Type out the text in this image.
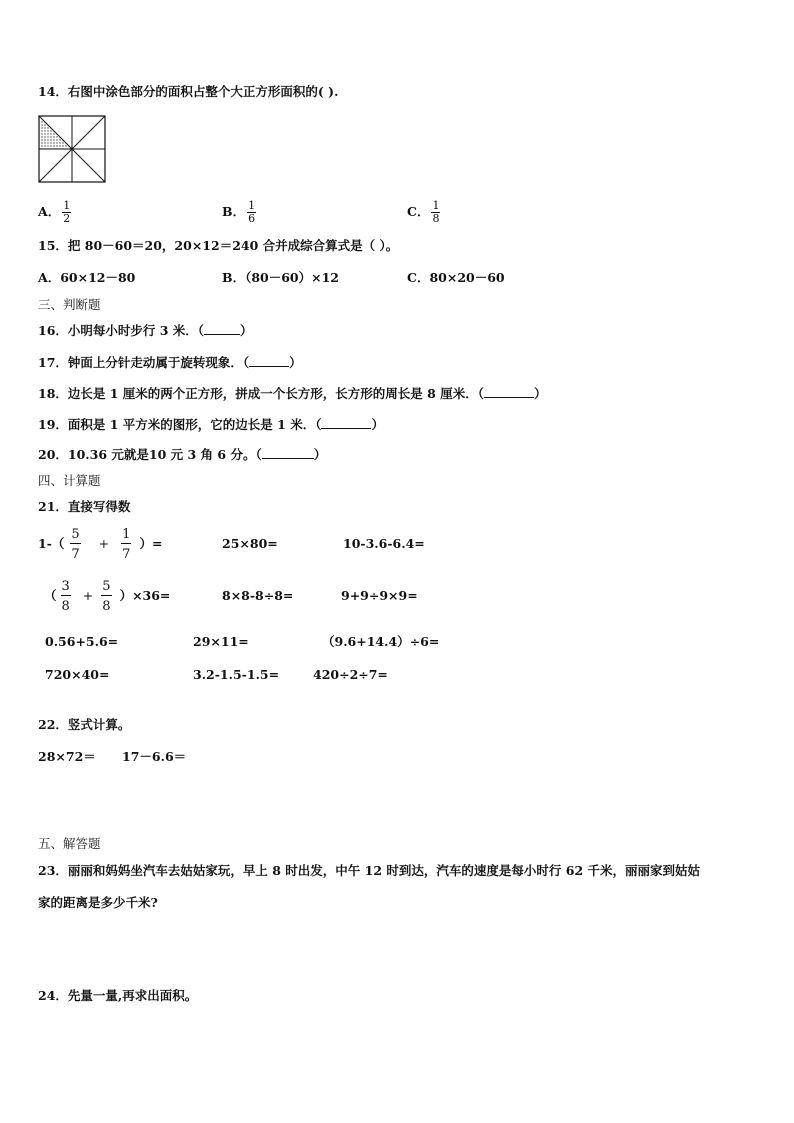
14．右图中涂色部分的面积占整个大正方形面积的( ).
A． $\frac{1}{2}$	B． $\frac{1}{6}$	C． $\frac{1}{8}$
15．把 80－60＝20，20×12＝240 合并成综合算式是（ ）。
A．60×12－80	B．（80－60）×12	C．80×20－60
三、判断题
16．小明每小时步行 3 米．（	）
17．钟面上分针走动属于旋转现象．（	）
18．边长是 1 厘米的两个正方形，拼成一个长方形，长方形的周长是 8 厘米．（	）
19．面积是 1 平方米的图形，它的边长是 1 米．（	）
20．10.36 元就是10 元 3 角 6 分。（	）
四、计算题
21．直接写得数
$1-( \frac{5}{7} + \frac{1}{7}$ ）=	25×80=	10-3.6-6.4=
（ $\frac{3}{8} + \frac{5}{8} )\times 36=$	8×8-8÷8=	9+9÷9×9=
0.56+5.6=	29×11=	（9.6+14.4）÷6=
720×40=	3.2-1.5-1.5=	420÷2÷7=
22．竖式计算。
28×72＝ 17－6.6＝
五、解答题
23．丽丽和妈妈坐汽车去姑姑家玩，早上 8 时出发，中午 12 时到达，汽车的速度是每小时行 62 千米，丽丽家到姑姑
家的距离是多少千米?
24．先量一量,再求出面积。
